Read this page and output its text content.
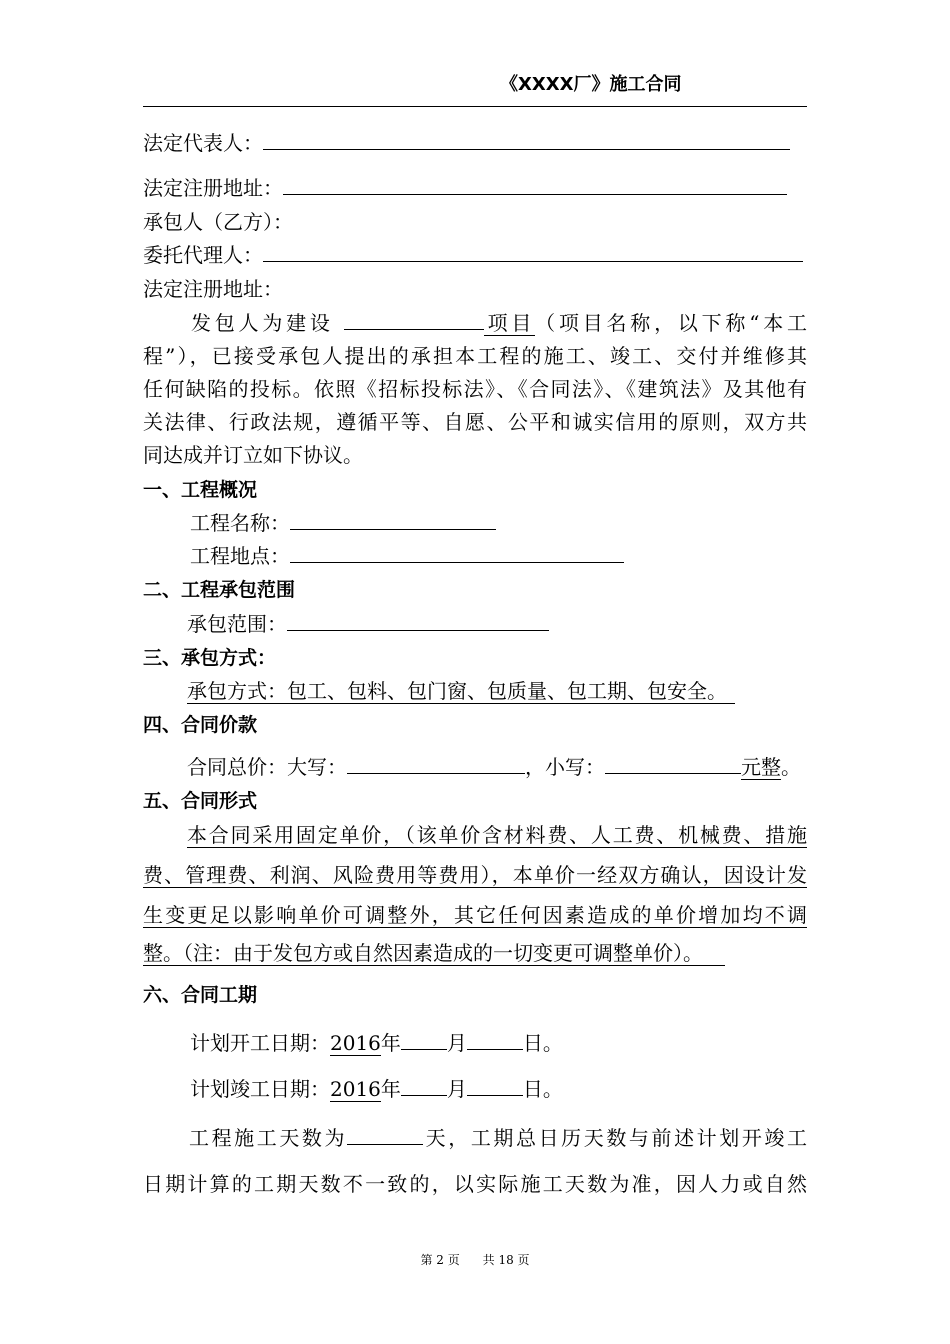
《XXXX厂》施工合同
法定代表人：
法定注册地址：
承包人（乙方）：
委托代理人：
法定注册地址：
发包人为建设	项目（项目名称，以下称“本工
程”），已接受承包人提出的承担本工程的施工、竣工、交付并维修其
任何缺陷的投标。依照《招标投标法》、《合同法》、《建筑法》及其他有
关法律、行政法规，遵循平等、自愿、公平和诚实信用的原则，双方共
同达成并订立如下协议。
一、工程概况
工程名称：
工程地点：
二、工程承包范围
承包范围：
三、承包方式：
承包方式：包工、包料、包门窗、包质量、包工期、包安全。
四、合同价款
合同总价：大写：	，小写：	元整。
五、合同形式
本合同采用固定单价，（该单价含材料费、人工费、机械费、措施
费、管理费、利润、风险费用等费用），本单价一经双方确认，因设计发
生变更足以影响单价可调整外，其它任何因素造成的单价增加均不调
整。（注：由于发包方或自然因素造成的一切变更可调整单价）。
六、合同工期
计划开工日期：2016年 月	日。
计划竣工日期：2016年 月	日。
工程施工天数为	天，工期总日历天数与前述计划开竣工
日期计算的工期天数不一致的，以实际施工天数为准，因人力或自然
第 2 页 共 18 页
